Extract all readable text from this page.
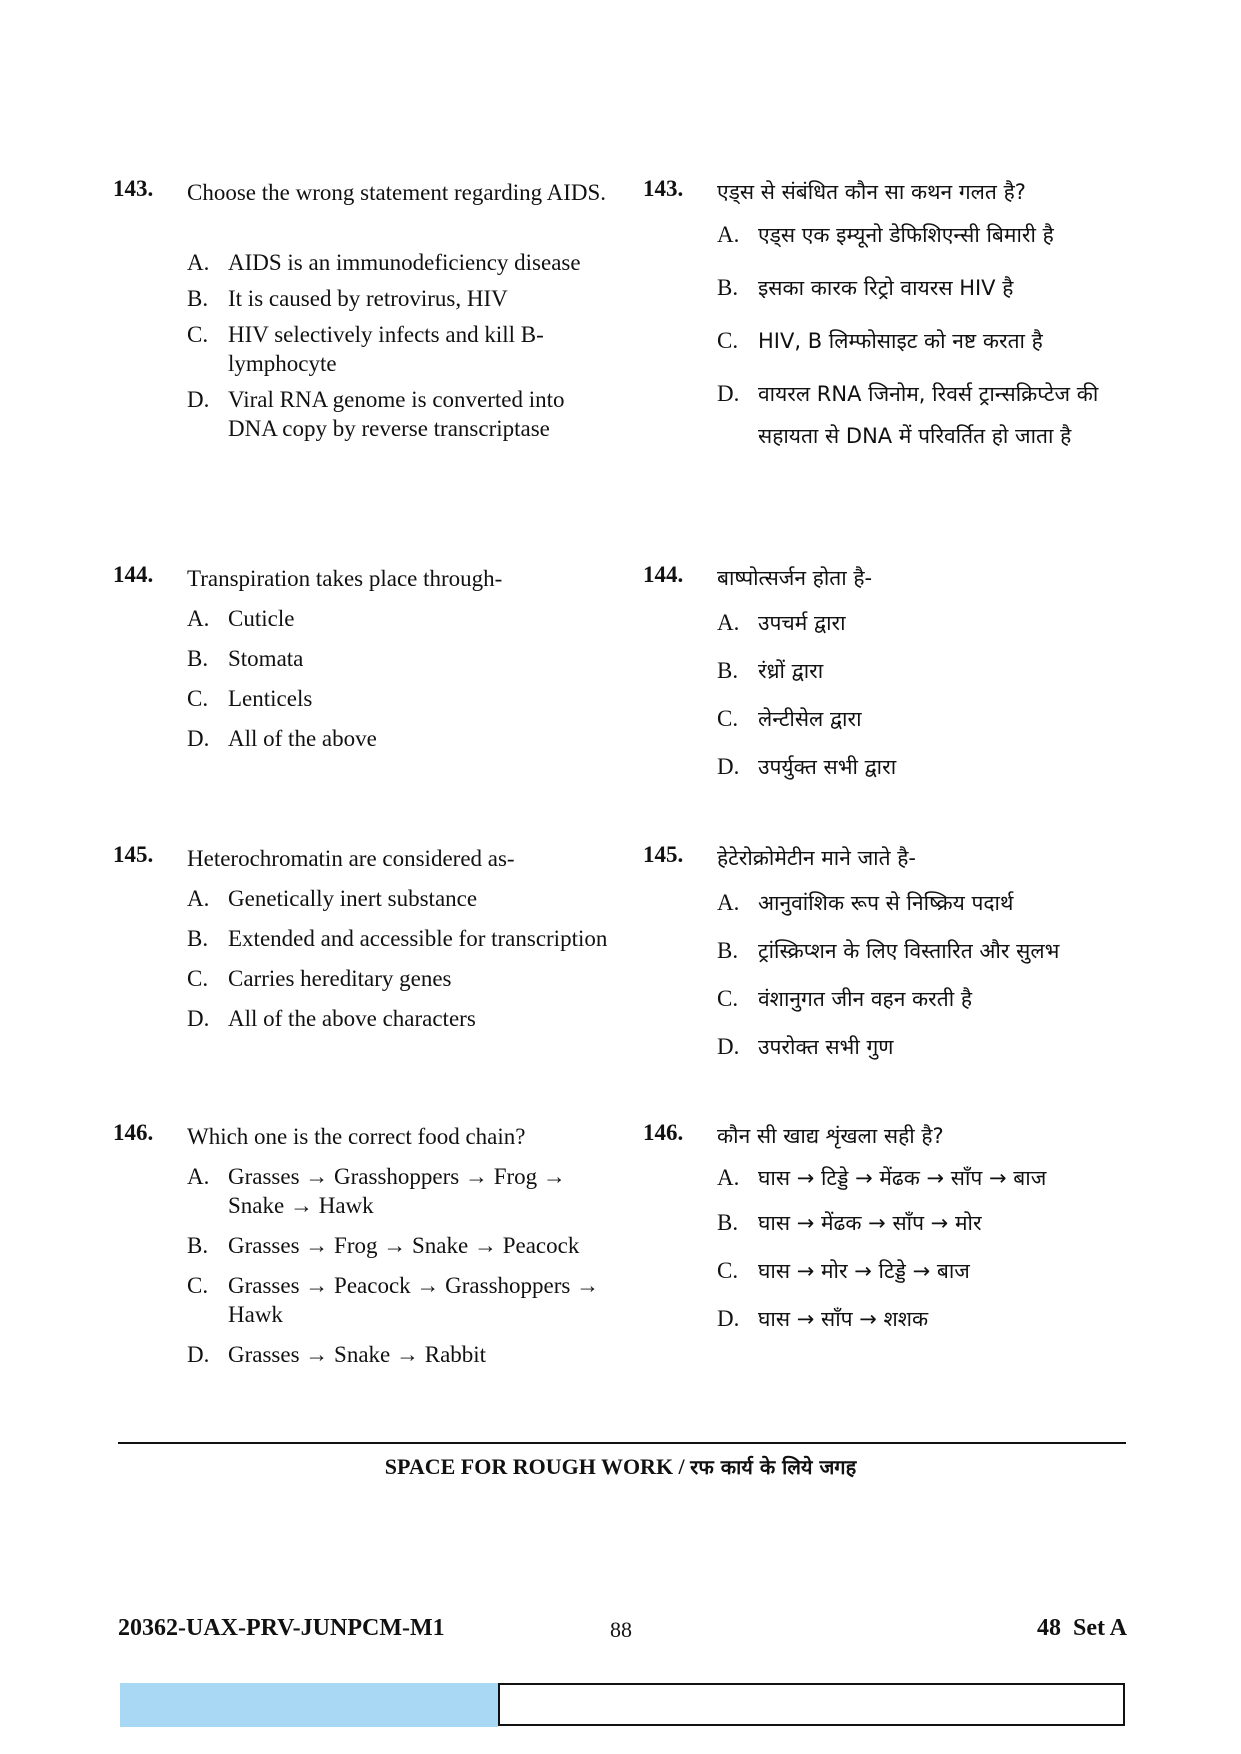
143. Choose the wrong statement regarding AIDS.
A. AIDS is an immunodeficiency disease
B. It is caused by retrovirus, HIV
C. HIV selectively infects and kill B-lymphocyte
D. Viral RNA genome is converted into DNA copy by reverse transcriptase
143. एड्स से संबंधित कौन सा कथन गलत है?
A. एड्स एक इम्यूनो डेफिशिएन्सी बिमारी है
B. इसका कारक रिट्रो वायरस HIV है
C. HIV, B लिम्फोसाइट को नष्ट करता है
D. वायरल RNA जिनोम, रिवर्स ट्रान्सक्रिप्टेज की सहायता से DNA में परिवर्तित हो जाता है
144. Transpiration takes place through-
A. Cuticle
B. Stomata
C. Lenticels
D. All of the above
144. बाष्पोत्सर्जन होता है-
A. उपचर्म द्वारा
B. रंध्रों द्वारा
C. लेन्टीसेल द्वारा
D. उपर्युक्त सभी द्वारा
145. Heterochromatin are considered as-
A. Genetically inert substance
B. Extended and accessible for transcription
C. Carries hereditary genes
D. All of the above characters
145. हेटेरोक्रोमेटीन माने जाते है-
A. आनुवांशिक रूप से निष्क्रिय पदार्थ
B. ट्रांस्क्रिप्शन के लिए विस्तारित और सुलभ
C. वंशानुगत जीन वहन करती है
D. उपरोक्त सभी गुण
146. Which one is the correct food chain?
A. Grasses → Grasshoppers → Frog → Snake → Hawk
B. Grasses → Frog → Snake → Peacock
C. Grasses → Peacock → Grasshoppers → Hawk
D. Grasses → Snake → Rabbit
146. कौन सी खाद्य शृंखला सही है?
A. घास → टिड्डे → मेंढक → साँप → बाज
B. घास → मेंढक → साँप → मोर
C. घास → मोर → टिड्डे → बाज
D. घास → साँप → शशक
SPACE FOR ROUGH WORK / रफ कार्य के लिये जगह
20362-UAX-PRV-JUNPCM-M1	88	48  Set A
